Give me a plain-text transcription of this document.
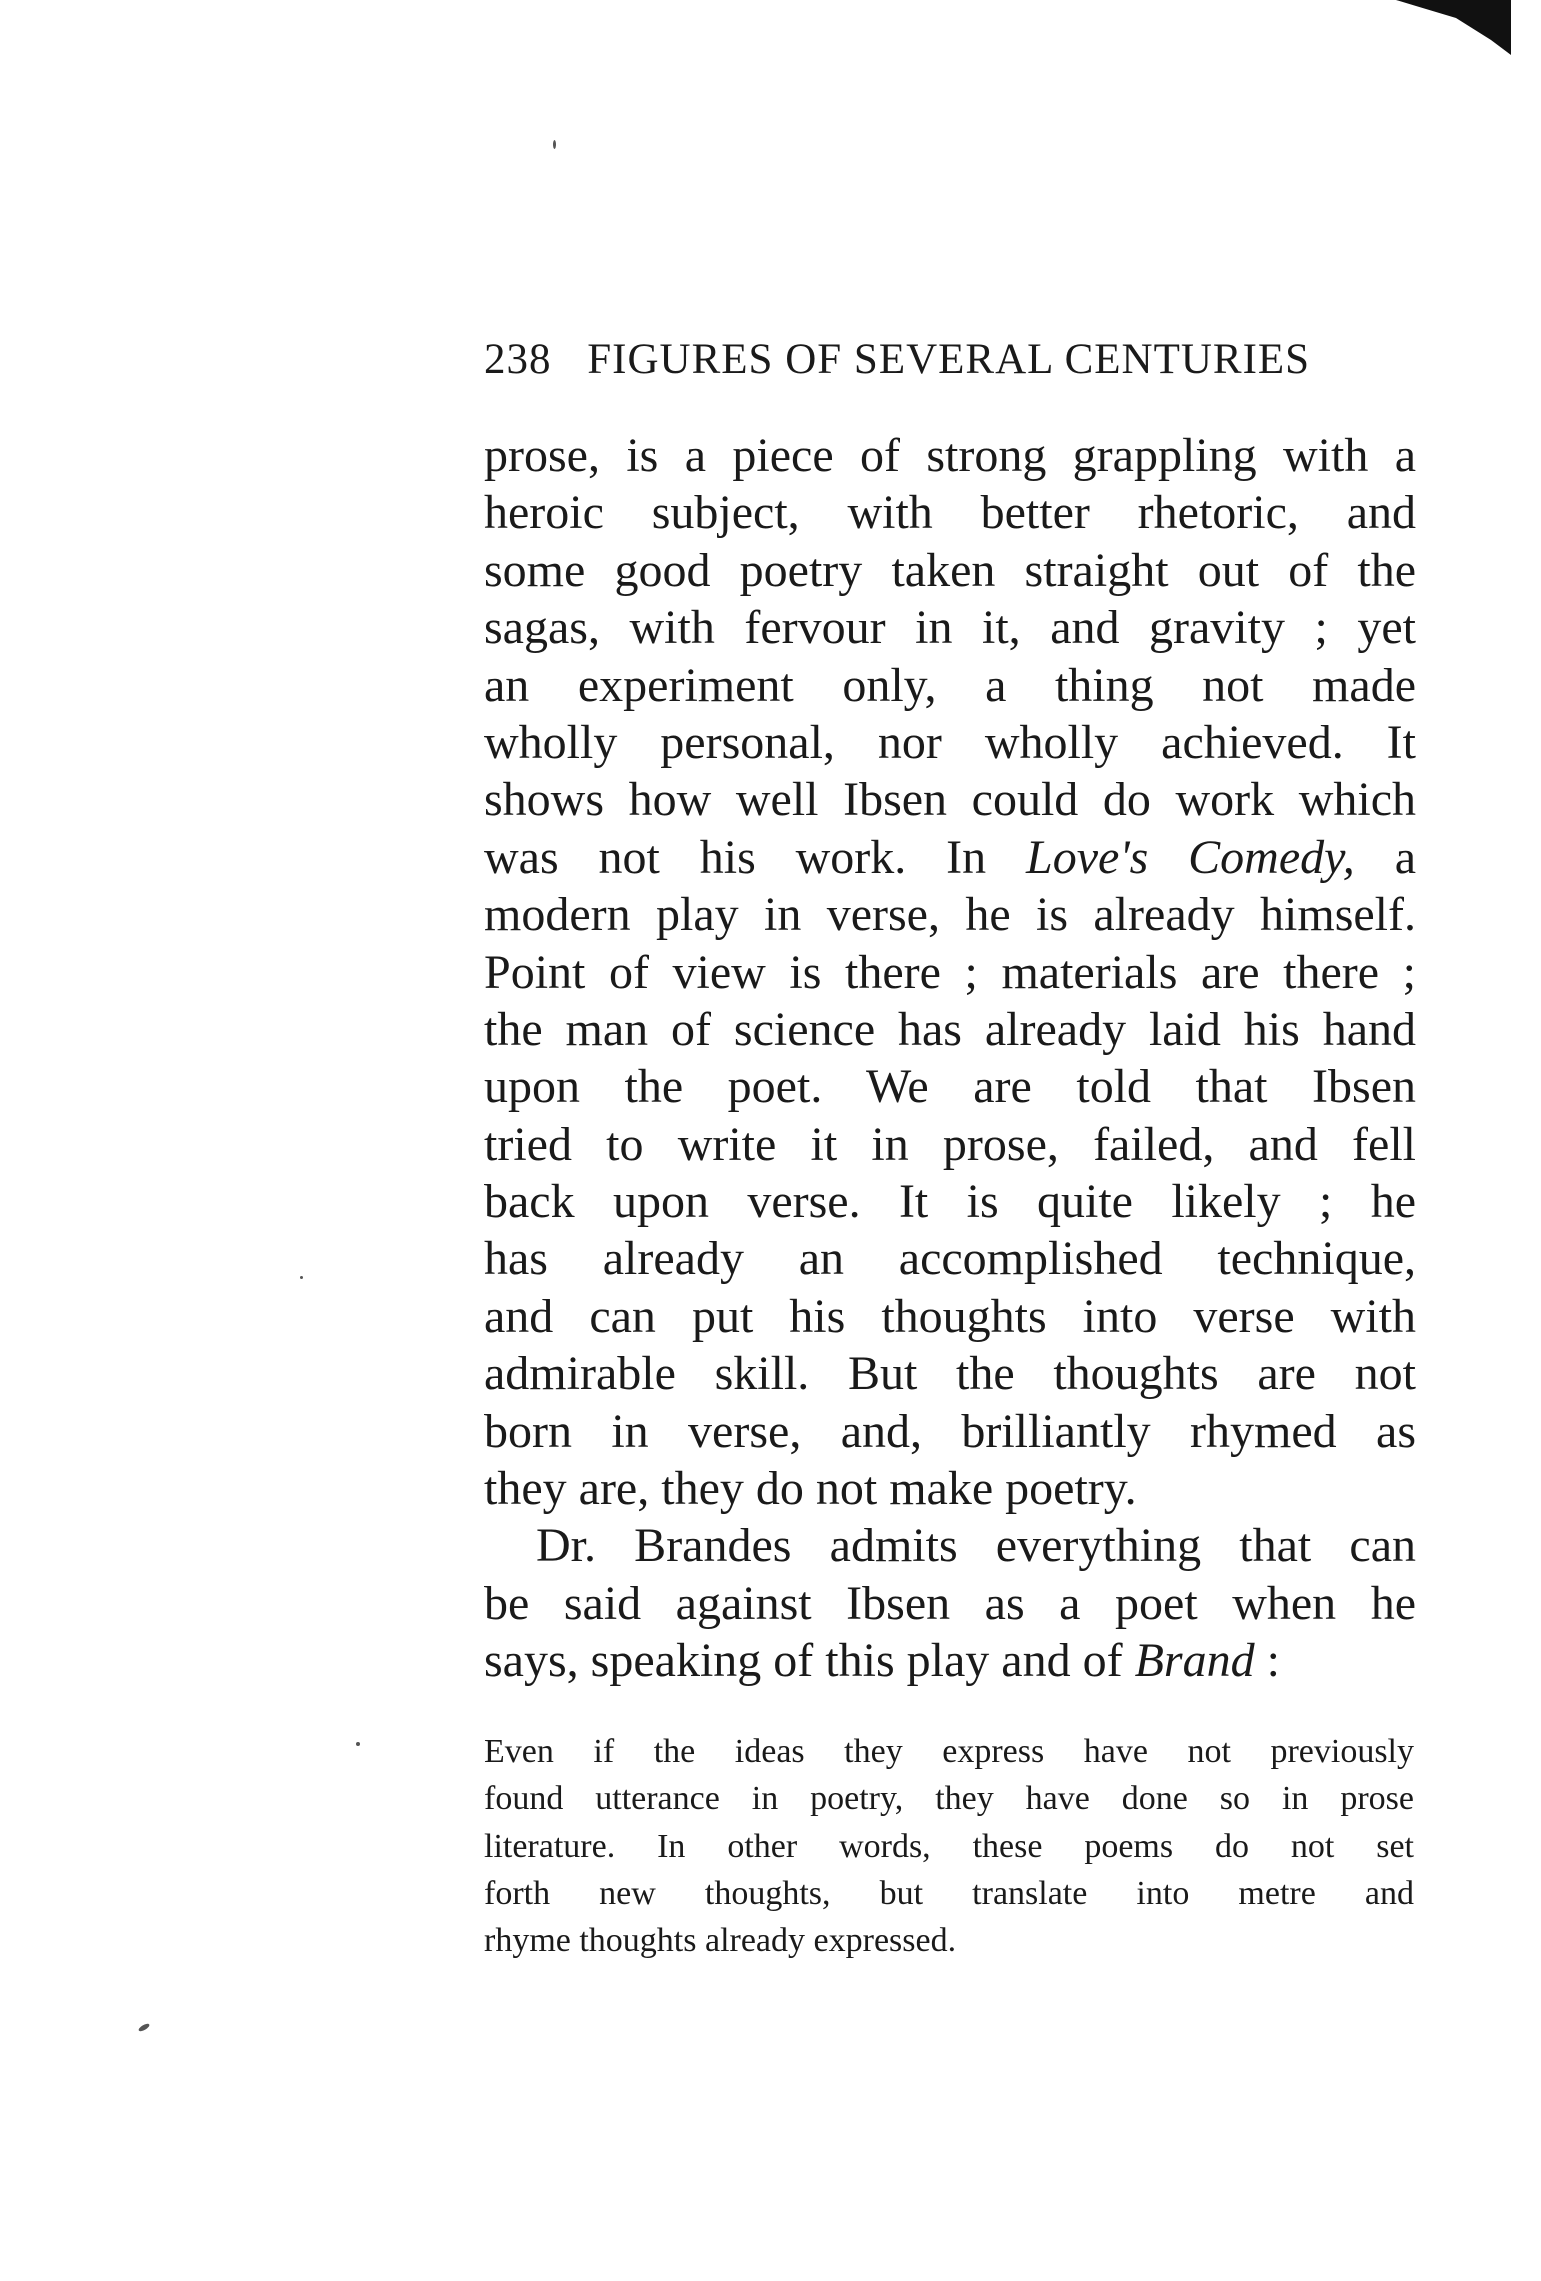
238 FIGURES OF SEVERAL CENTURIES
prose, is a piece of strong grappling with a
heroic subject, with better rhetoric, and
some good poetry taken straight out of the
sagas, with fervour in it, and gravity ; yet
an experiment only, a thing not made
wholly personal, nor wholly achieved. It
shows how well Ibsen could do work which
was not his work. In Love's Comedy, a
modern play in verse, he is already himself.
Point of view is there ; materials are there ;
the man of science has already laid his hand
upon the poet. We are told that Ibsen
tried to write it in prose, failed, and fell
back upon verse. It is quite likely ; he
has already an accomplished technique,
and can put his thoughts into verse with
admirable skill. But the thoughts are not
born in verse, and, brilliantly rhymed as
they are, they do not make poetry.
Dr. Brandes admits everything that can
be said against Ibsen as a poet when he
says, speaking of this play and of Brand :
Even if the ideas they express have not previously
found utterance in poetry, they have done so in prose
literature. In other words, these poems do not set
forth new thoughts, but translate into metre and
rhyme thoughts already expressed.
